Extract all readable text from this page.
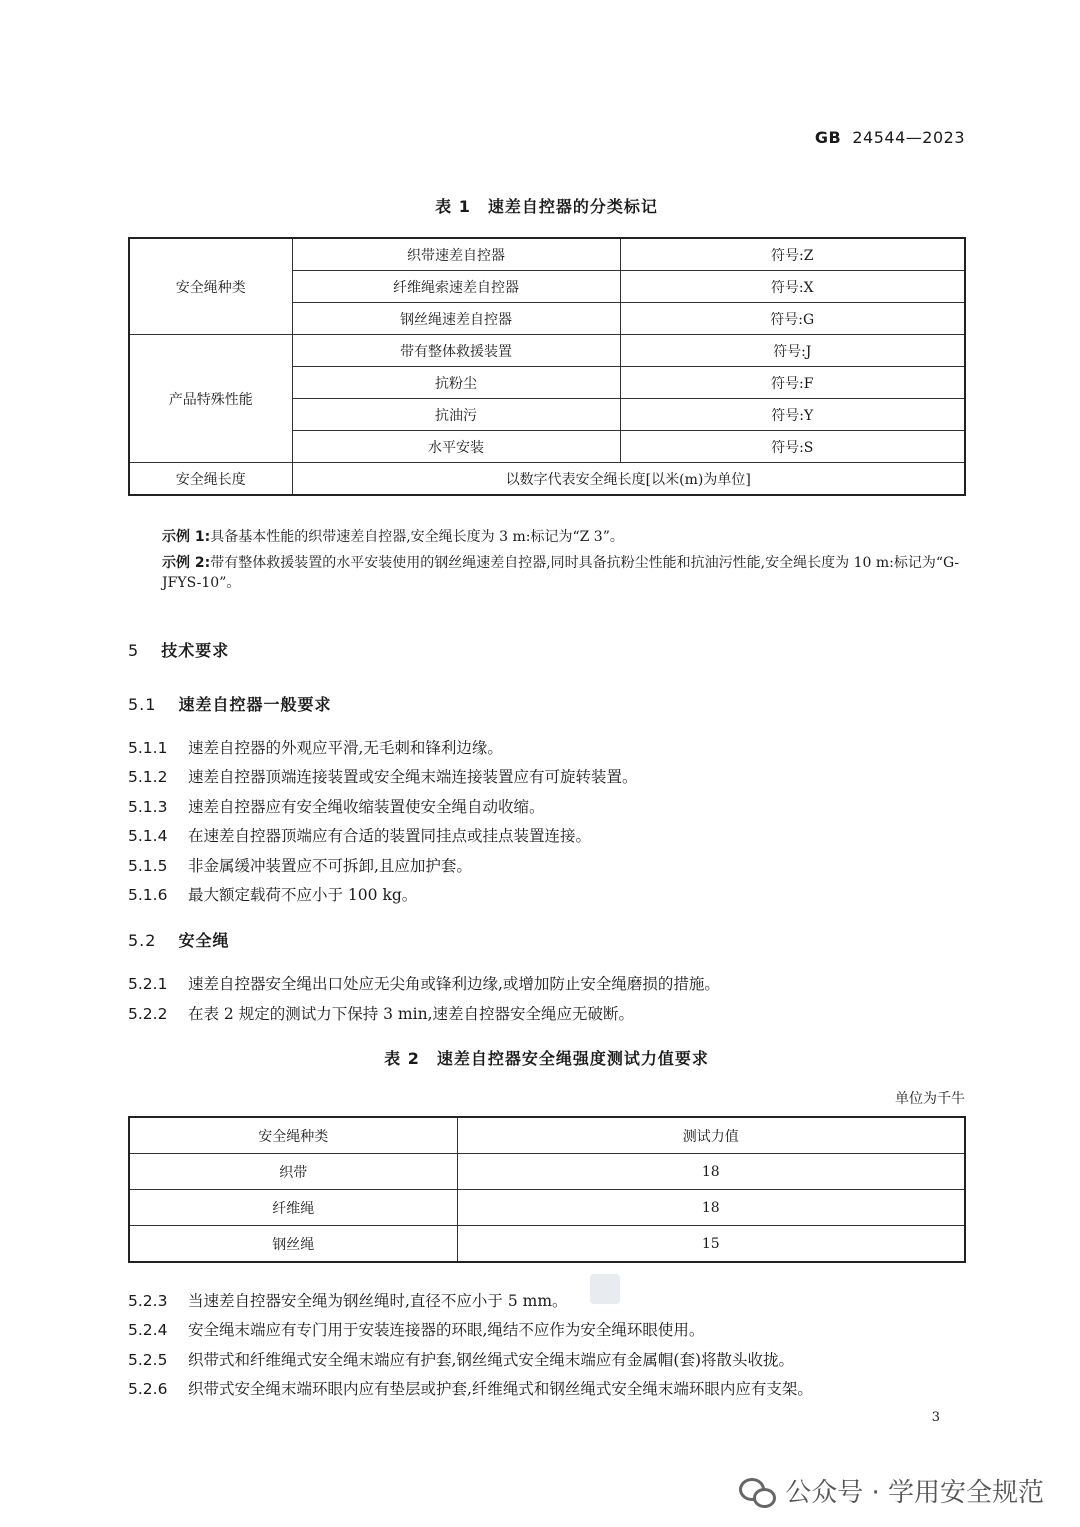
GB 24544—2023
表 1　速差自控器的分类标记
安全绳种类	织带速差自控器	符号:Z
	纤维绳索速差自控器	符号:X
	钢丝绳速差自控器	符号:G
产品特殊性能	带有整体救援装置	符号:J
	抗粉尘	符号:F
	抗油污	符号:Y
	水平安装	符号:S
安全绳长度	以数字代表安全绳长度[以米(m)为单位]	
示例 1:具备基本性能的织带速差自控器,安全绳长度为 3 m:标记为“Z 3”。
示例 2:带有整体救援装置的水平安装使用的钢丝绳速差自控器,同时具备抗粉尘性能和抗油污性能,安全绳长度为 10 m:标记为“G-JFYS-10”。
5 技术要求
5.1 速差自控器一般要求
5.1.1 速差自控器的外观应平滑,无毛刺和锋利边缘。
5.1.2 速差自控器顶端连接装置或安全绳末端连接装置应有可旋转装置。
5.1.3 速差自控器应有安全绳收缩装置使安全绳自动收缩。
5.1.4 在速差自控器顶端应有合适的装置同挂点或挂点装置连接。
5.1.5 非金属缓冲装置应不可拆卸,且应加护套。
5.1.6 最大额定载荷不应小于 100 kg。
5.2 安全绳
5.2.1 速差自控器安全绳出口处应无尖角或锋利边缘,或增加防止安全绳磨损的措施。
5.2.2 在表 2 规定的测试力下保持 3 min,速差自控器安全绳应无破断。
表 2　速差自控器安全绳强度测试力值要求
单位为千牛
安全绳种类	测试力值
织带	18
纤维绳	18
钢丝绳	15
5.2.3 当速差自控器安全绳为钢丝绳时,直径不应小于 5 mm。
5.2.4 安全绳末端应有专门用于安装连接器的环眼,绳结不应作为安全绳环眼使用。
5.2.5 织带式和纤维绳式安全绳末端应有护套,钢丝绳式安全绳末端应有金属帽(套)将散头收拢。
5.2.6 织带式安全绳末端环眼内应有垫层或护套,纤维绳式和钢丝绳式安全绳末端环眼内应有支架。
3
公众号 · 学用安全规范
